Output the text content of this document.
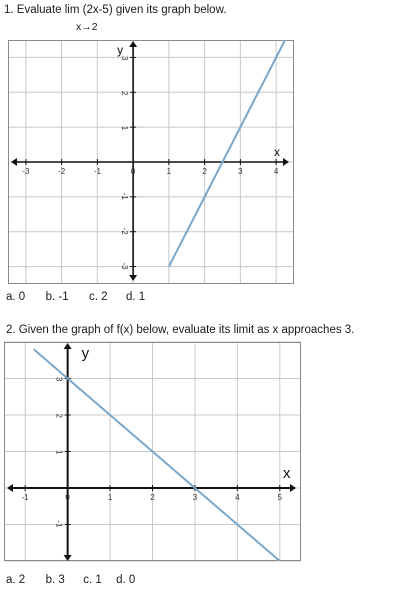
1. Evaluate lim (2x-5) given its graph below.
x→2
-3	-2	-1	0	1	2	3	4
-3
-2
-1
1
2
3
y
x
a. 0 b. -1 c. 2 d. 1
2. Given the graph of f(x) below, evaluate its limit as x approaches 3.
-1	0	1	2	3	4	5
-1
1
2
3
y
x
a. 2 b. 3 c. 1 d. 0
